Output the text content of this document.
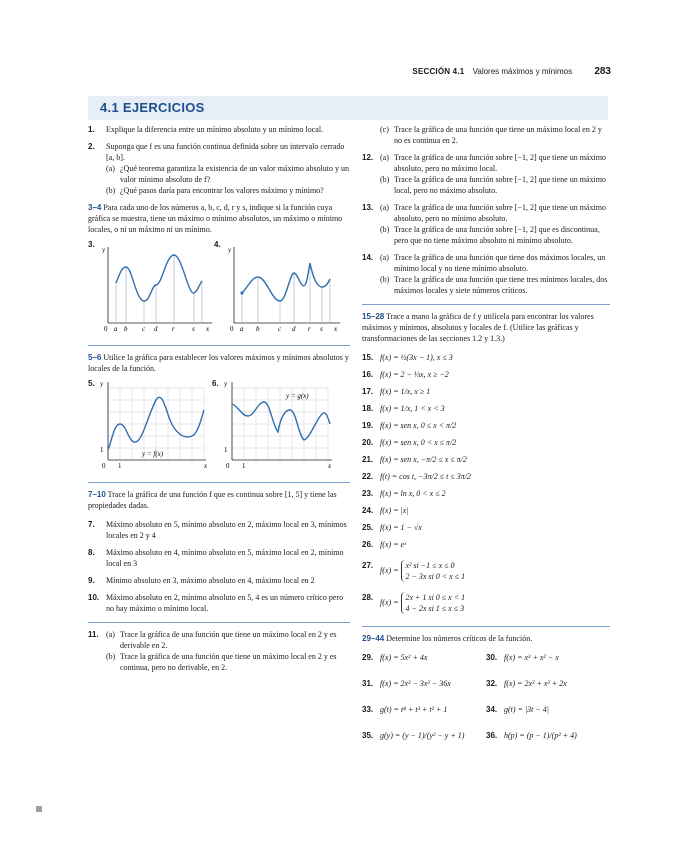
SECCIÓN 4.1 Valores máximos y mínimos 283
4.1 EJERCICIOS
1. Explique la diferencia entre un mínimo absoluto y un mínimo local.
2. Suponga que f es una función continua definida sobre un intervalo cerrado [a, b].
(a) ¿Qué teorema garantiza la existencia de un valor máximo absoluto y un valor mínimo absoluto de f?
(b) ¿Qué pasos daría para encontrar los valores máximo y mínimo?
3–4 Para cada uno de los números a, b, c, d, r y s, indique si la función cuya gráfica se muestra, tiene un máximo o mínimo absolutos, un máximo o mínimo locales, o ni un máximo ni un mínimo.
3.
0 a b c d r s x
y
4.
0 a b	c d r s x
y
5–6 Utilice la gráfica para establecer los valores máximos y mínimos absolutos y locales de la función.
5. y
1
0 1	x
y = f(x)
6. y
1
0 1	x
y = g(x)
7–10 Trace la gráfica de una función f que es continua sobre [1, 5] y tiene las propiedades dadas.
7. Máximo absoluto en 5, mínimo absoluto en 2, máximo local en 3, mínimos locales en 2 y 4
8. Máximo absoluto en 4, mínimo absoluto en 5, máximo local en 2, mínimo local en 3
9. Mínimo absoluto en 3, máximo absoluto en 4, máximo local en 2
10. Máximo absoluto en 2, mínimo absoluto en 5, 4 es un número crítico pero no hay máximo o mínimo local.
11. (a) Trace la gráfica de una función que tiene un máximo local en 2 y es derivable en 2.
(b) Trace la gráfica de una función que tiene un máximo local en 2 y es continua, pero no derivable, en 2.
(c) Trace la gráfica de una función que tiene un máximo local en 2 y no es continua en 2.
12. (a) Trace la gráfica de una función sobre [−1, 2] que tiene un máximo absoluto, pero no máximo local.
(b) Trace la gráfica de una función sobre [−1, 2] que tiene un máximo local, pero no máximo absoluto.
13. (a) Trace la gráfica de una función sobre [−1, 2] que tiene un máximo absoluto, pero no mínimo absoluto.
(b) Trace la gráfica de una función sobre [−1, 2] que es discontinua, pero que no tiene máximo absoluto ni mínimo absoluto.
14. (a) Trace la gráfica de una función que tiene dos máximos locales, un mínimo local y no tiene mínimo absoluto.
(b) Trace la gráfica de una función que tiene tres mínimos locales, dos máximos locales y siete números críticos.
15–28 Trace a mano la gráfica de f y utilícela para encontrar los valores máximos y mínimos, absolutos y locales de f. (Utilice las gráficas y transformaciones de las secciones 1.2 y 1.3.)
15. f(x) = ½(3x − 1), x ≤ 3
16. f(x) = 2 − ⅓x, x ≥ −2
17. f(x) = 1/x, x ≥ 1
18. f(x) = 1/x, 1 < x < 3
19. f(x) = sen x, 0 ≤ x < π/2
20. f(x) = sen x, 0 < x ≤ π/2
21. f(x) = sen x, −π/2 ≤ x ≤ π/2
22. f(t) = cos t, −3π/2 ≤ t ≤ 3π/2
23. f(x) = ln x, 0 < x ≤ 2
24. f(x) = |x|
25. f(x) = 1 − √x
26. f(x) = eˣ
27.
f(x) = x² si −1 ≤ x ≤ 0
2 − 3x si 0 < x ≤ 1
28.
f(x) = 2x + 1 si 0 ≤ x < 1
4 − 2x si 1 ≤ x ≤ 3
29–44 Determine los números críticos de la función.
29. f(x) = 5x² + 4x	30. f(x) = x³ + x² − x
31. f(x) = 2x³ − 3x² − 36x	32. f(x) = 2x³ + x² + 2x
33. g(t) = t⁴ + t³ + t² + 1	34. g(t) = |3t − 4|
35. g(y) = (y − 1)/(y² − y + 1)	36. h(p) = (p − 1)/(p² + 4)
